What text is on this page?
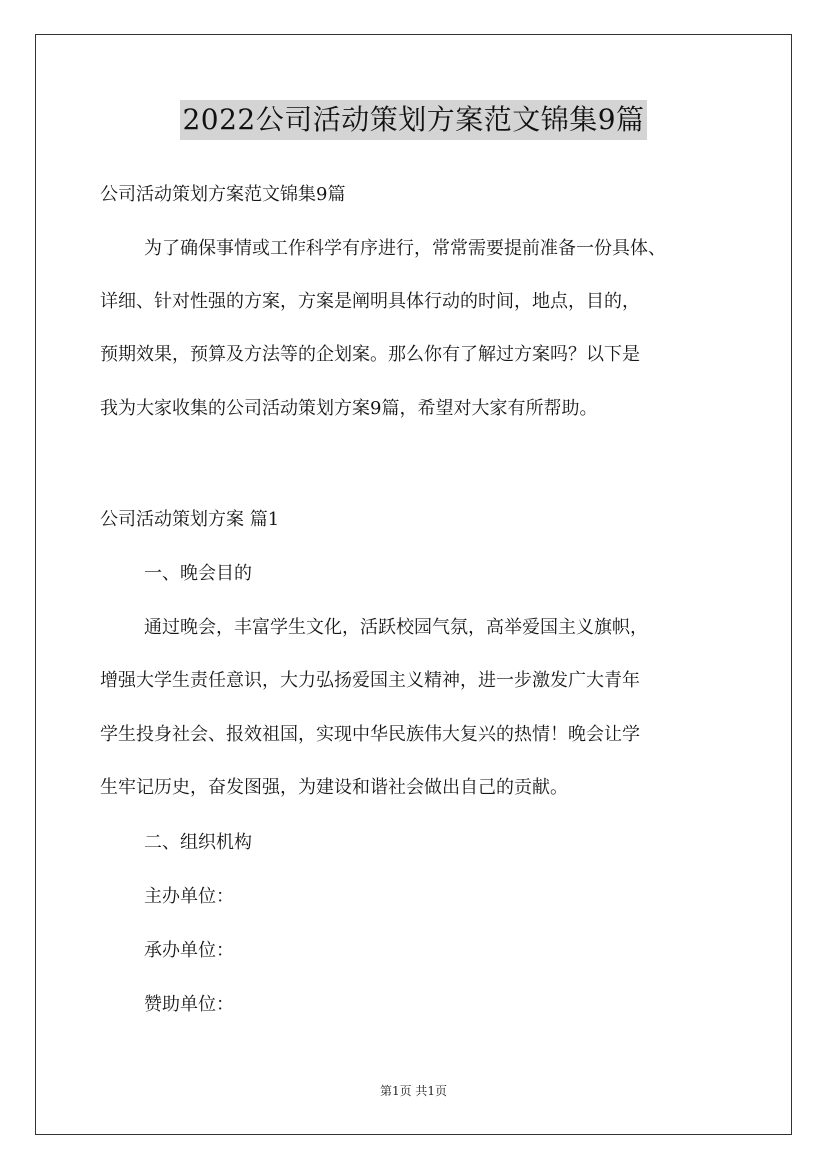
2022公司活动策划方案范文锦集9篇
公司活动策划方案范文锦集9篇
为了确保事情或工作科学有序进行，常常需要提前准备一份具体、
详细、针对性强的方案，方案是阐明具体行动的时间，地点，目的，
预期效果，预算及方法等的企划案。那么你有了解过方案吗？以下是
我为大家收集的公司活动策划方案9篇，希望对大家有所帮助。
公司活动策划方案 篇1
一、晚会目的
通过晚会，丰富学生文化，活跃校园气氛，高举爱国主义旗帜，
增强大学生责任意识，大力弘扬爱国主义精神，进一步激发广大青年
学生投身社会、报效祖国，实现中华民族伟大复兴的热情！晚会让学
生牢记历史，奋发图强，为建设和谐社会做出自己的贡献。
二、组织机构
主办单位：
承办单位：
赞助单位：
第1页 共1页
